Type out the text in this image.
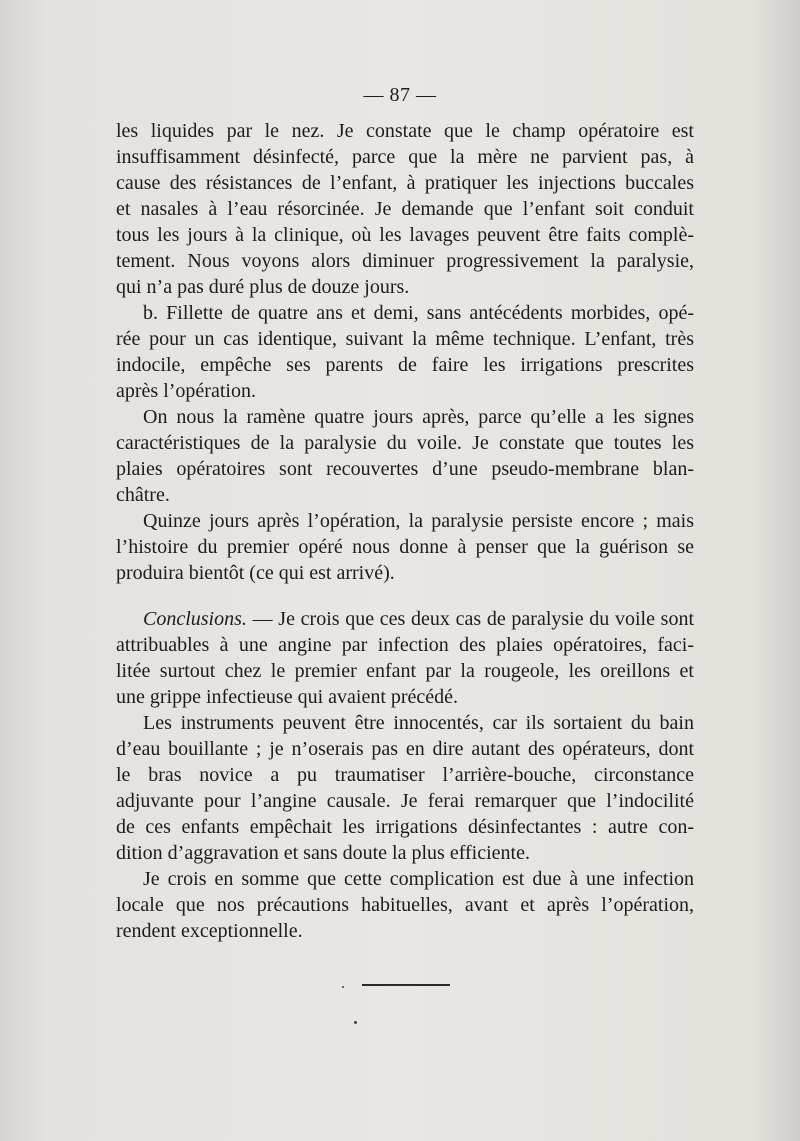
— 87 —

les liquides par le nez. Je constate que le champ opératoire est
insuffisamment désinfecté, parce que la mère ne parvient pas, à
cause des résistances de l’enfant, à pratiquer les injections buccales
et nasales à l’eau résorcinée. Je demande que l’enfant soit conduit
tous les jours à la clinique, où les lavages peuvent être faits complè-
tement. Nous voyons alors diminuer progressivement la paralysie,
qui n’a pas duré plus de douze jours.

b. Fillette de quatre ans et demi, sans antécédents morbides, opé-
rée pour un cas identique, suivant la même technique. L’enfant, très
indocile, empêche ses parents de faire les irrigations prescrites
après l’opération.

On nous la ramène quatre jours après, parce qu’elle a les signes
caractéristiques de la paralysie du voile. Je constate que toutes les
plaies opératoires sont recouvertes d’une pseudo-membrane blan-
châtre.

Quinze jours après l’opération, la paralysie persiste encore ; mais
l’histoire du premier opéré nous donne à penser que la guérison se
produira bientôt (ce qui est arrivé).

Conclusions. — Je crois que ces deux cas de paralysie du voile sont
attribuables à une angine par infection des plaies opératoires, faci-
litée surtout chez le premier enfant par la rougeole, les oreillons et
une grippe infectieuse qui avaient précédé.

Les instruments peuvent être innocentés, car ils sortaient du bain
d’eau bouillante ; je n’oserais pas en dire autant des opérateurs, dont
le bras novice a pu traumatiser l’arrière-bouche, circonstance
adjuvante pour l’angine causale. Je ferai remarquer que l’indocilité
de ces enfants empêchait les irrigations désinfectantes : autre con-
dition d’aggravation et sans doute la plus efficiente.

Je crois en somme que cette complication est due à une infection
locale que nos précautions habituelles, avant et après l’opération,
rendent exceptionnelle.
